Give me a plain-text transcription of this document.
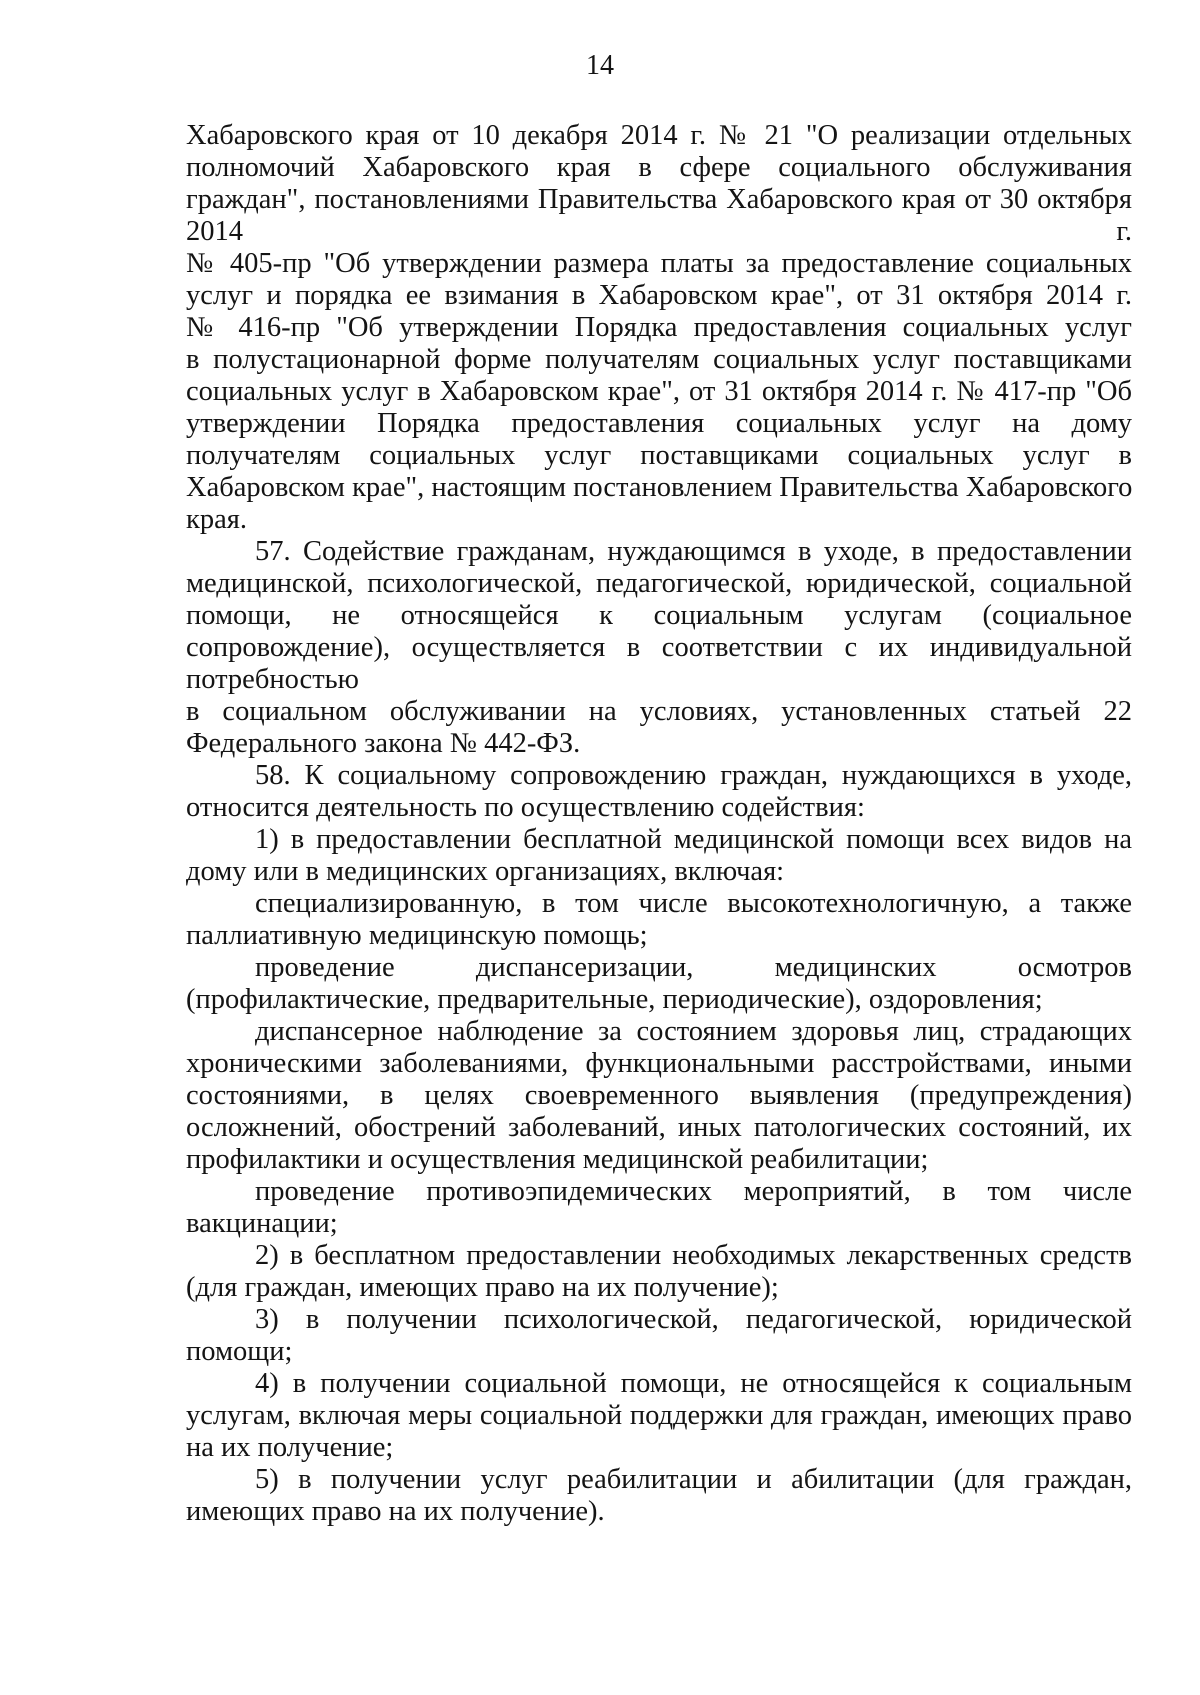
14
Хабаровского края от 10 декабря 2014 г. № 21 "О реализации отдельных
полномочий Хабаровского края в сфере социального обслуживания
граждан", постановлениями Правительства Хабаровского края от 30 октября
2014 г.
№ 405-пр "Об утверждении размера платы за предоставление социальных
услуг и порядка ее взимания в Хабаровском крае", от 31 октября 2014 г.
№ 416-пр "Об утверждении Порядка предоставления социальных услуг
в полустационарной форме получателям социальных услуг поставщиками
социальных услуг в Хабаровском крае", от 31 октября 2014 г. № 417-пр "Об
утверждении Порядка предоставления социальных услуг на дому
получателям социальных услуг поставщиками социальных услуг в
Хабаровском крае", настоящим постановлением Правительства Хабаровского
края.
57. Содействие гражданам, нуждающимся в уходе, в предоставлении
медицинской, психологической, педагогической, юридической, социальной
помощи, не относящейся к социальным услугам (социальное
сопровождение), осуществляется в соответствии с их индивидуальной
потребностью
в социальном обслуживании на условиях, установленных статьей 22
Федерального закона № 442-ФЗ.
58. К социальному сопровождению граждан, нуждающихся в уходе,
относится деятельность по осуществлению содействия:
1) в предоставлении бесплатной медицинской помощи всех видов на
дому или в медицинских организациях, включая:
специализированную, в том числе высокотехнологичную, а также
паллиативную медицинскую помощь;
проведение диспансеризации, медицинских осмотров
(профилактические, предварительные, периодические), оздоровления;
диспансерное наблюдение за состоянием здоровья лиц, страдающих
хроническими заболеваниями, функциональными расстройствами, иными
состояниями, в целях своевременного выявления (предупреждения)
осложнений, обострений заболеваний, иных патологических состояний, их
профилактики и осуществления медицинской реабилитации;
проведение противоэпидемических мероприятий, в том числе
вакцинации;
2) в бесплатном предоставлении необходимых лекарственных средств
(для граждан, имеющих право на их получение);
3) в получении психологической, педагогической, юридической
помощи;
4) в получении социальной помощи, не относящейся к социальным
услугам, включая меры социальной поддержки для граждан, имеющих право
на их получение;
5) в получении услуг реабилитации и абилитации (для граждан,
имеющих право на их получение).
